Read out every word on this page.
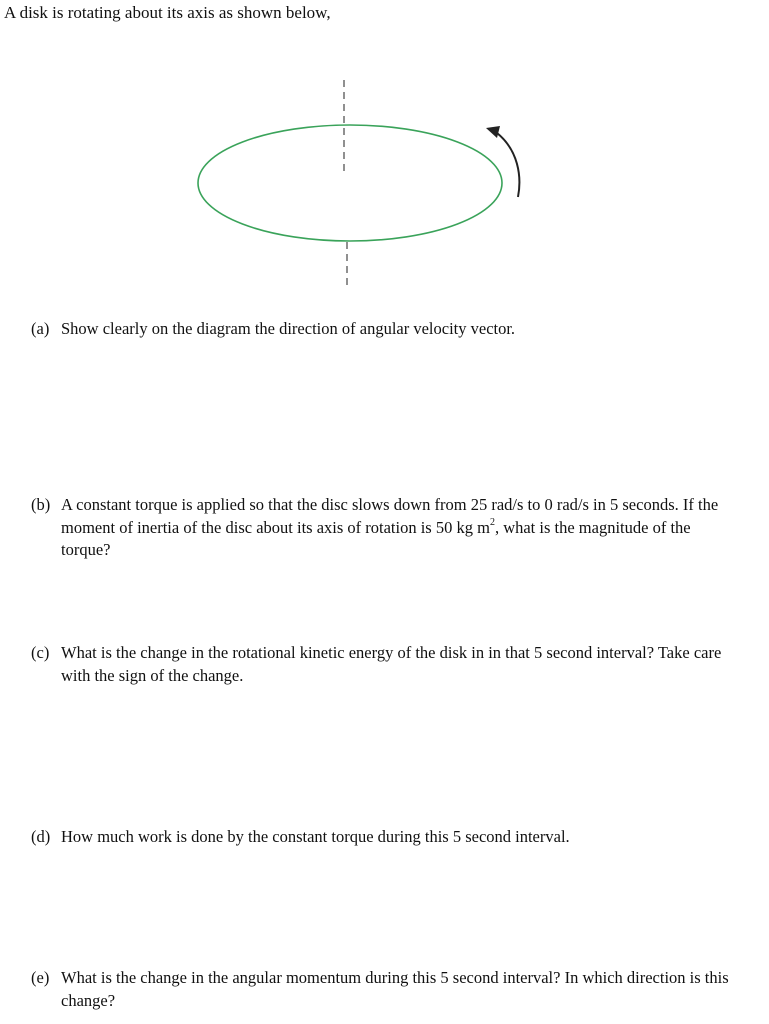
A disk is rotating about its axis as shown below,
(a) Show clearly on the diagram the direction of angular velocity vector.
(b) A constant torque is applied so that the disc slows down from 25 rad/s to 0 rad/s in 5 seconds. If the moment of inertia of the disc about its axis of rotation is 50 kg $m^2$, what is the magnitude of the torque?
(c) What is the change in the rotational kinetic energy of the disk in in that 5 second interval? Take care with the sign of the change.
(d) How much work is done by the constant torque during this 5 second interval.
(e) What is the change in the angular momentum during this 5 second interval? In which direction is this change?
